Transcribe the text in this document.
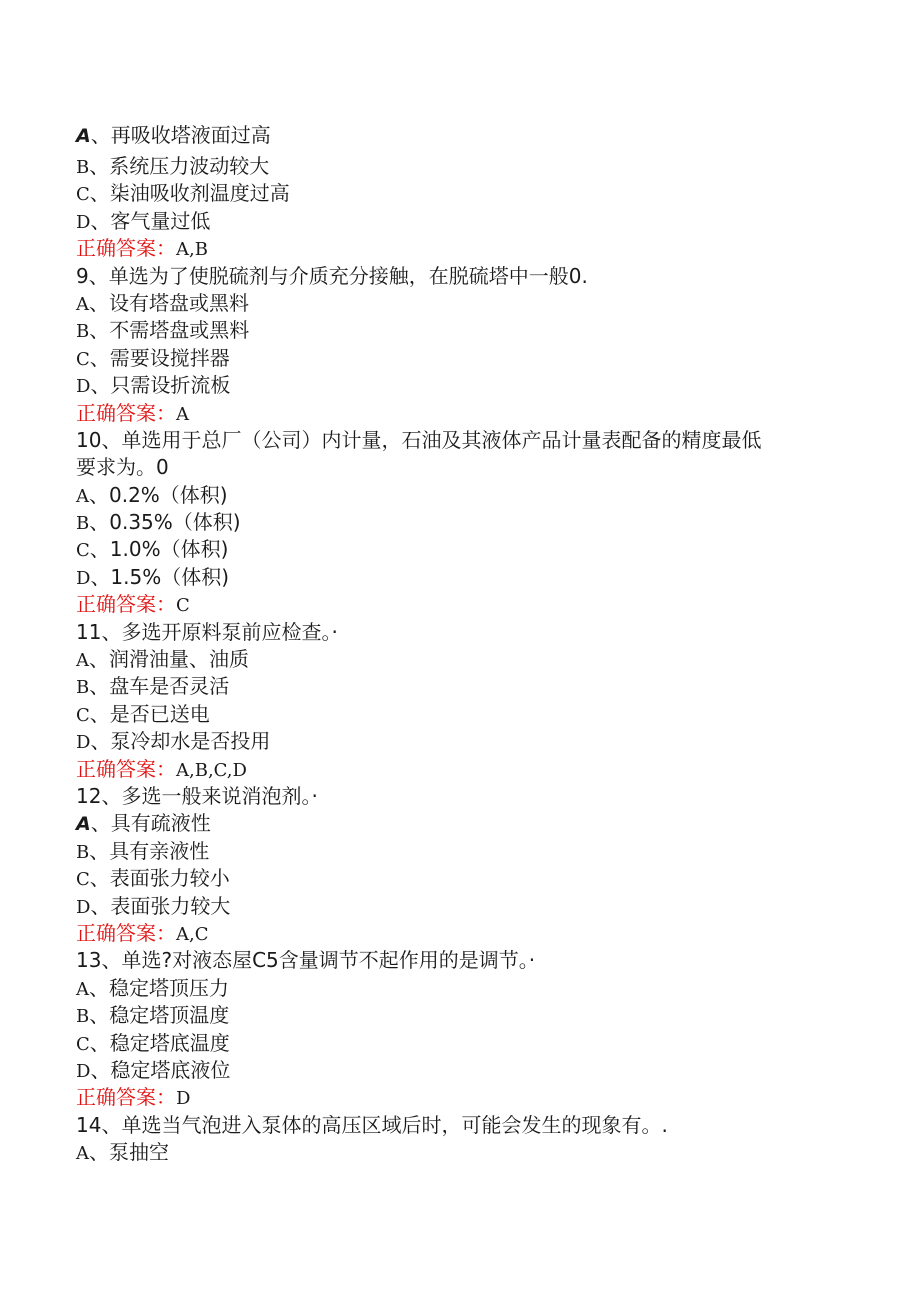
A、再吸收塔液面过高
B、系统压力波动较大
C、柒油吸收剂温度过高
D、客气量过低
正确答案：A,B
9、单选为了使脱硫剂与介质充分接触，在脱硫塔中一般0.
A、设有塔盘或黑料
B、不需塔盘或黑料
C、需要设搅拌器
D、只需设折流板
正确答案：A
10、单选用于总厂（公司）内计量，石油及其液体产品计量表配备的精度最低
要求为。0
A、0.2%（体积)
B、0.35%（体积)
C、1.0%（体积)
D、1.5%（体积)
正确答案：C
11、多选开原料泵前应检查。·
A、润滑油量、油质
B、盘车是否灵活
C、是否已送电
D、泵冷却水是否投用
正确答案：A,B,C,D
12、多选一般来说消泡剂。·
A、具有疏液性
B、具有亲液性
C、表面张力较小
D、表面张力较大
正确答案：A,C
13、单选?对液态屋C5含量调节不起作用的是调节。·
A、稳定塔顶压力
B、稳定塔顶温度
C、稳定塔底温度
D、稳定塔底液位
正确答案：D
14、单选当气泡进入泵体的高压区域后时，可能会发生的现象有。.
A、泵抽空
